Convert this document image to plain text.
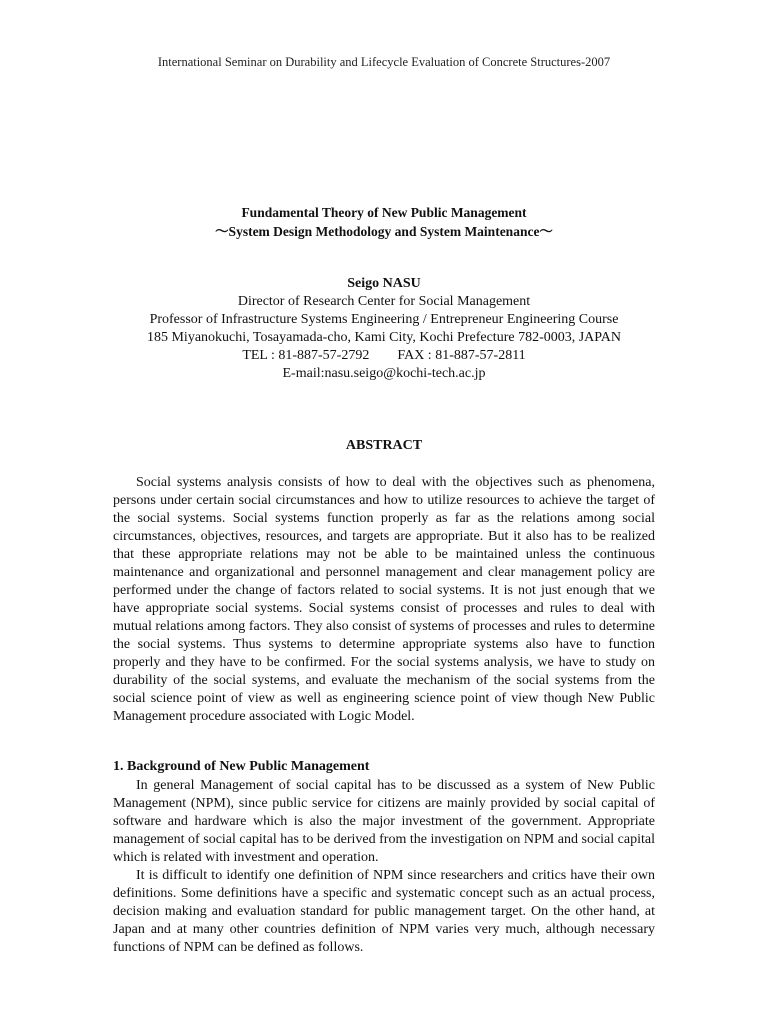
International Seminar on Durability and Lifecycle Evaluation of Concrete Structures-2007
Fundamental Theory of New Public Management
〜System Design Methodology and System Maintenance〜
Seigo NASU
Director of Research Center for Social Management
Professor of Infrastructure Systems Engineering / Entrepreneur Engineering Course
185 Miyanokuchi, Tosayamada-cho, Kami City, Kochi Prefecture 782-0003, JAPAN
TEL : 81-887-57-2792 FAX : 81-887-57-2811
E-mail:nasu.seigo@kochi-tech.ac.jp
ABSTRACT

Social systems analysis consists of how to deal with the objectives such as phenomena, persons under certain social circumstances and how to utilize resources to achieve the target of the social systems. Social systems function properly as far as the relations among social circumstances, objectives, resources, and targets are appropriate. But it also has to be realized that these appropriate relations may not be able to be maintained unless the continuous maintenance and organizational and personnel management and clear management policy are performed under the change of factors related to social systems. It is not just enough that we have appropriate social systems. Social systems consist of processes and rules to deal with mutual relations among factors. They also consist of systems of processes and rules to determine the social systems. Thus systems to determine appropriate systems also have to function properly and they have to be confirmed. For the social systems analysis, we have to study on durability of the social systems, and evaluate the mechanism of the social systems from the social science point of view as well as engineering science point of view though New Public Management procedure associated with Logic Model.

1. Background of New Public Management

In general Management of social capital has to be discussed as a system of New Public Management (NPM), since public service for citizens are mainly provided by social capital of software and hardware which is also the major investment of the government. Appropriate management of social capital has to be derived from the investigation on NPM and social capital which is related with investment and operation.

It is difficult to identify one definition of NPM since researchers and critics have their own definitions. Some definitions have a specific and systematic concept such as an actual process, decision making and evaluation standard for public management target. On the other hand, at Japan and at many other countries definition of NPM varies very much, although necessary functions of NPM can be defined as follows.
